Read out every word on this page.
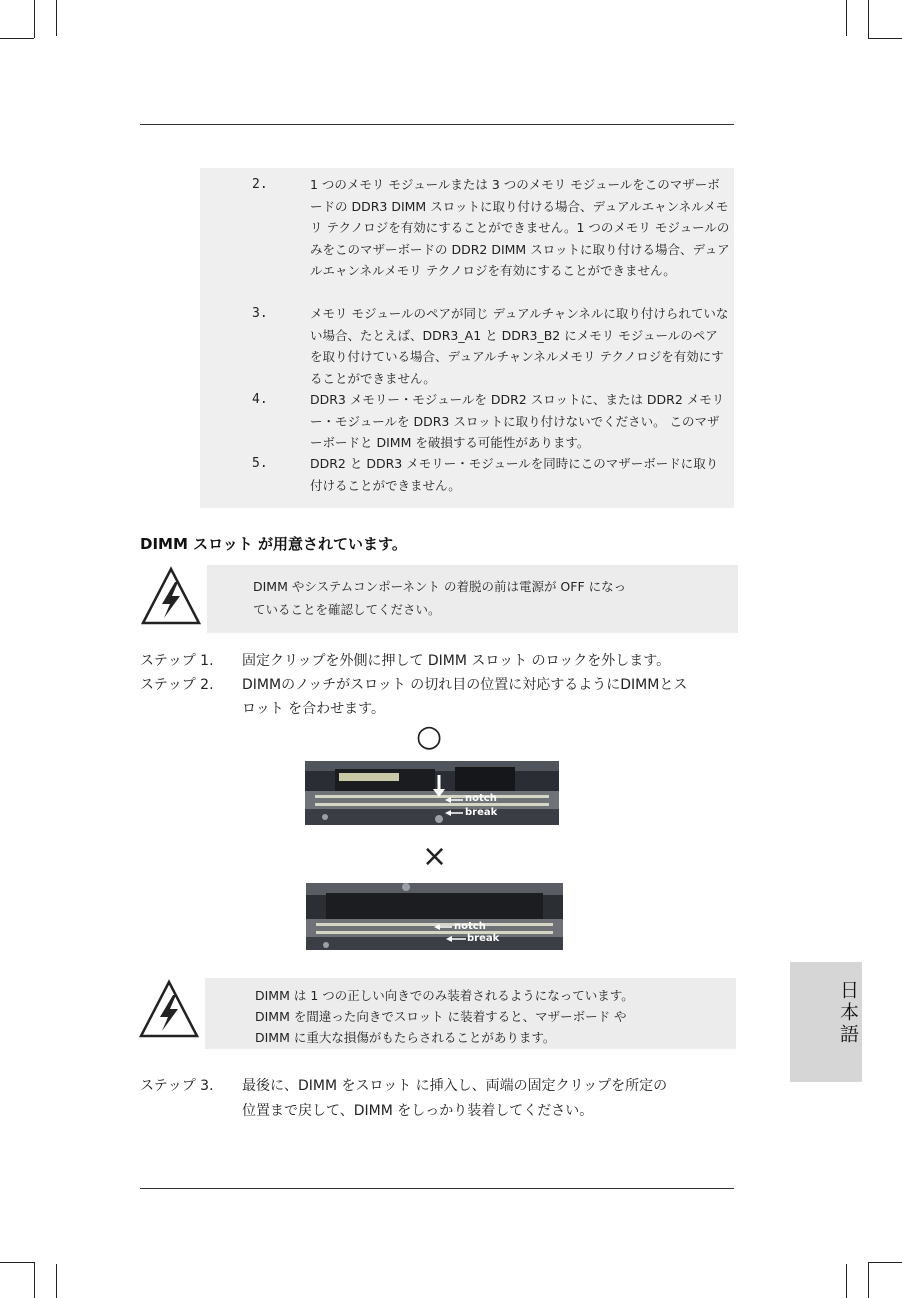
2.	1 つのメモリ モジュールまたは 3 つのメモリ モジュールをこのマザーボードの DDR3 DIMM スロットに取り付ける場合、デュアルエャンネルメモリ テクノロジを有効にすることができません。1 つのメモリ モジュールのみをこのマザーボードの DDR2 DIMM スロットに取り付ける場合、デュアルエャンネルメモリ テクノロジを有効にすることができません。
3.	メモリ モジュールのペアが同じ デュアルチャンネルに取り付けられていない場合、たとえば、DDR3_A1 と DDR3_B2 にメモリ モジュールのペアを取り付けている場合、デュアルチャンネルメモリ テクノロジを有効にすることができません。
4.	DDR3 メモリー・モジュールを DDR2 スロットに、または DDR2 メモリー・モジュールを DDR3 スロットに取り付けないでください。 このマザーボードと DIMM を破損する可能性があります。
5.	DDR2 と DDR3 メモリー・モジュールを同時にこのマザーボードに取り付けることができません。
DIMM スロット が用意されています。
DIMM やシステムコンポーネント の着脱の前は電源が OFF になっ
ていることを確認してください。
ステップ 1. 固定クリップを外側に押して DIMM スロット のロックを外します。
ステップ 2. DIMMのノッチがスロット の切れ目の位置に対応するようにDIMMとス
ロット を合わせます。
○
notch
break
×
notch
break
DIMM は 1 つの正しい向きでのみ装着されるようになっています。
DIMM を間違った向きでスロット に装着すると、マザーボード や
DIMM に重大な損傷がもたらされることがあります。
ステップ 3. 最後に、DIMM をスロット に挿入し、両端の固定クリップを所定の
位置まで戻して、DIMM をしっかり装着してください。
日本語
